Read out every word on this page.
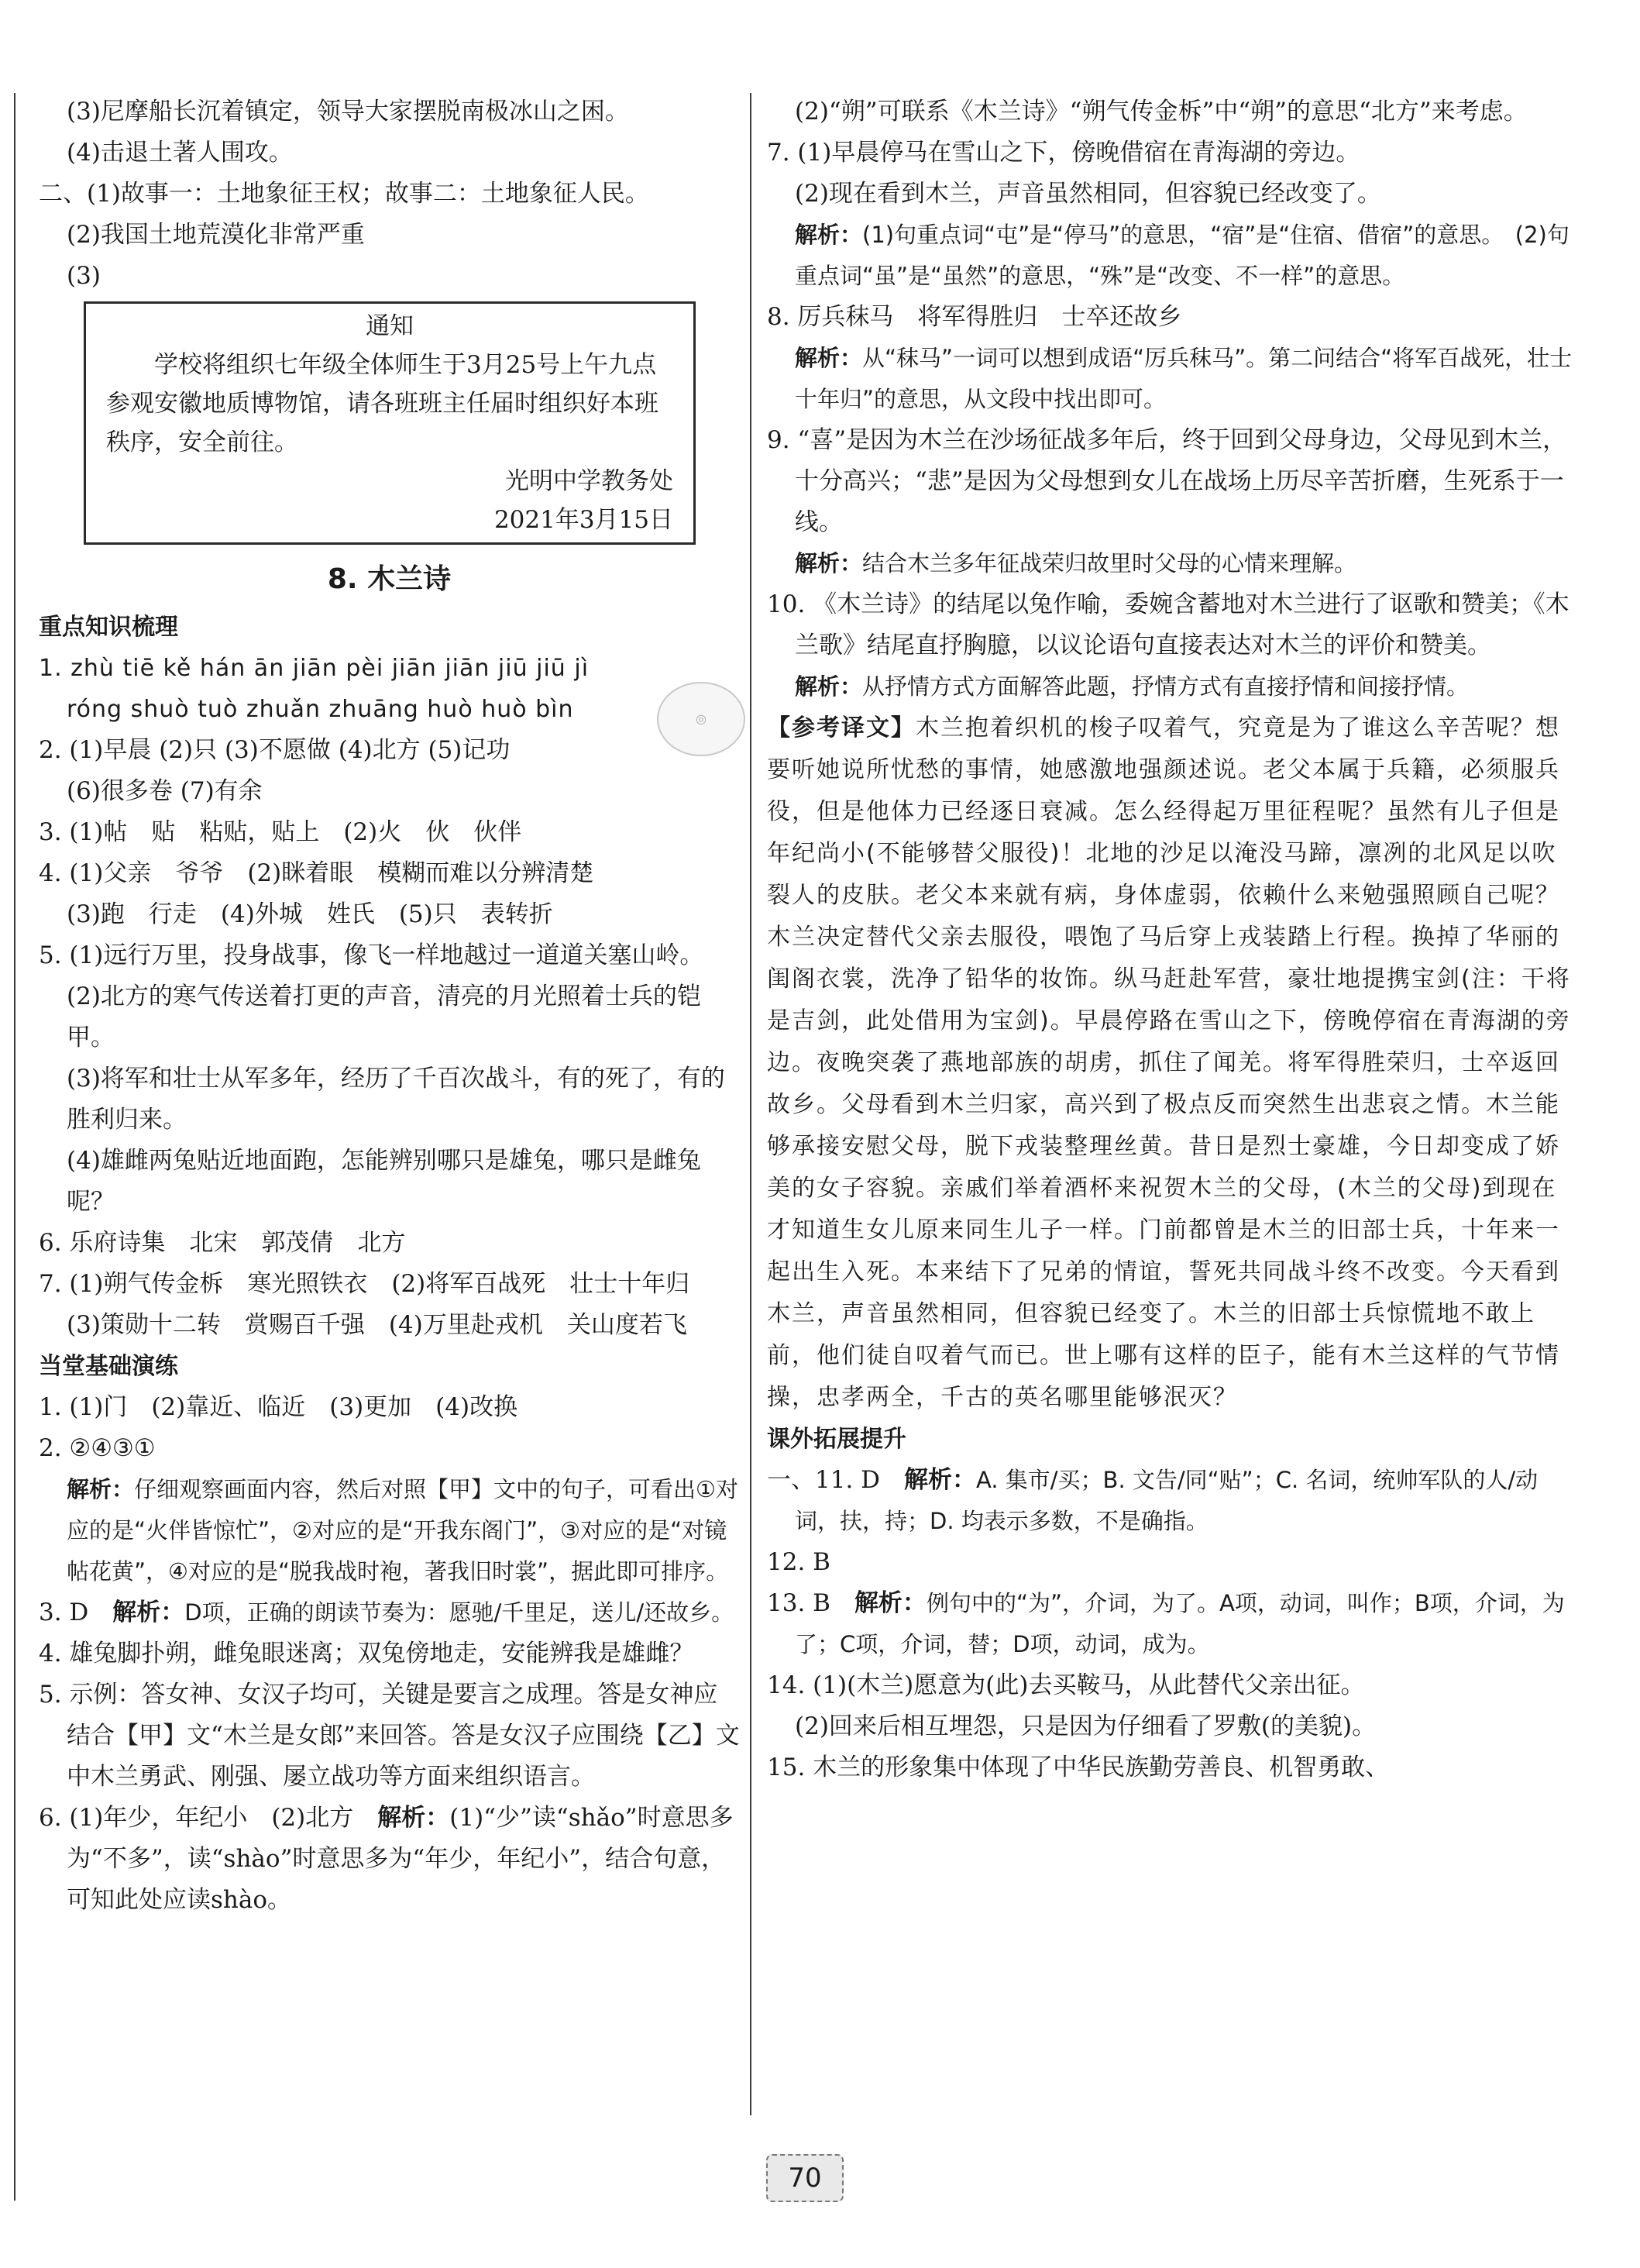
(3)尼摩船长沉着镇定，领导大家摆脱南极冰山之困。

(4)击退土著人围攻。

二、(1)故事一：土地象征王权；故事二：土地象征人民。

(2)我国土地荒漠化非常严重

(3)

通知

学校将组织七年级全体师生于3月25号上午九点参观安徽地质博物馆，请各班班主任届时组织好本班秩序，安全前往。

光明中学教务处

2021年3月15日

8. 木兰诗

重点知识梳理

1. zhù tiē kě hán ān jiān pèi jiān jiān jiū jiū jì

róng shuò tuò zhuǎn zhuāng huò huò bìn

2. (1)早晨 (2)只 (3)不愿做 (4)北方 (5)记功

(6)很多卷 (7)有余

3. (1)帖　贴　粘贴，贴上　(2)火　伙　伙伴

4. (1)父亲　爷爷　(2)眯着眼　模糊而难以分辨清楚

(3)跑　行走　(4)外城　姓氏　(5)只　表转折

5. (1)远行万里，投身战事，像飞一样地越过一道道关塞山岭。

(2)北方的寒气传送着打更的声音，清亮的月光照着士兵的铠甲。

(3)将军和壮士从军多年，经历了千百次战斗，有的死了，有的胜利归来。

(4)雄雌两兔贴近地面跑，怎能辨别哪只是雄兔，哪只是雌兔呢？

6. 乐府诗集　北宋　郭茂倩　北方

7. (1)朔气传金柝　寒光照铁衣　(2)将军百战死　壮士十年归　(3)策勋十二转　赏赐百千强　(4)万里赴戎机　关山度若飞

当堂基础演练

1. (1)门　(2)靠近、临近　(3)更加　(4)改换

2. ②④③①

解析：仔细观察画面内容，然后对照【甲】文中的句子，可看出①对应的是“火伴皆惊忙”，②对应的是“开我东阁门”，③对应的是“对镜帖花黄”，④对应的是“脱我战时袍，著我旧时裳”，据此即可排序。

3. D　解析：D项，正确的朗读节奏为：愿驰/千里足，送儿/还故乡。

4. 雄兔脚扑朔，雌兔眼迷离；双兔傍地走，安能辨我是雄雌？

5. 示例：答女神、女汉子均可，关键是要言之成理。答是女神应结合【甲】文“木兰是女郎”来回答。答是女汉子应围绕【乙】文中木兰勇武、刚强、屡立战功等方面来组织语言。

6. (1)年少，年纪小　(2)北方　解析：(1)“少”读“shǎo”时意思多为“不多”，读“shào”时意思多为“年少，年纪小”，结合句意，可知此处应读shào。

◎

(2)“朔”可联系《木兰诗》“朔气传金柝”中“朔”的意思“北方”来考虑。

7. (1)早晨停马在雪山之下，傍晚借宿在青海湖的旁边。

(2)现在看到木兰，声音虽然相同，但容貌已经改变了。

解析：(1)句重点词“屯”是“停马”的意思，“宿”是“住宿、借宿”的意思。　(2)句重点词“虽”是“虽然”的意思，“殊”是“改变、不一样”的意思。

8. 厉兵秣马　将军得胜归　士卒还故乡

解析：从“秣马”一词可以想到成语“厉兵秣马”。第二问结合“将军百战死，壮士十年归”的意思，从文段中找出即可。

9. “喜”是因为木兰在沙场征战多年后，终于回到父母身边，父母见到木兰，十分高兴；“悲”是因为父母想到女儿在战场上历尽辛苦折磨，生死系于一线。

解析：结合木兰多年征战荣归故里时父母的心情来理解。

10. 《木兰诗》的结尾以兔作喻，委婉含蓄地对木兰进行了讴歌和赞美；《木兰歌》结尾直抒胸臆，以议论语句直接表达对木兰的评价和赞美。

解析：从抒情方式方面解答此题，抒情方式有直接抒情和间接抒情。

【参考译文】木兰抱着织机的梭子叹着气，究竟是为了谁这么辛苦呢？想要听她说所忧愁的事情，她感激地强颜述说。老父本属于兵籍，必须服兵役，但是他体力已经逐日衰减。怎么经得起万里征程呢？虽然有儿子但是年纪尚小(不能够替父服役)！北地的沙足以淹没马蹄，凛冽的北风足以吹裂人的皮肤。老父本来就有病，身体虚弱，依赖什么来勉强照顾自己呢？木兰决定替代父亲去服役，喂饱了马后穿上戎装踏上行程。换掉了华丽的闺阁衣裳，洗净了铅华的妆饰。纵马赶赴军营，豪壮地提携宝剑(注：干将是吉剑，此处借用为宝剑)。早晨停路在雪山之下，傍晚停宿在青海湖的旁边。夜晚突袭了燕地部族的胡虏，抓住了闻羌。将军得胜荣归，士卒返回故乡。父母看到木兰归家，高兴到了极点反而突然生出悲哀之情。木兰能够承接安慰父母，脱下戎装整理丝黄。昔日是烈士豪雄，今日却变成了娇美的女子容貌。亲戚们举着酒杯来祝贺木兰的父母，(木兰的父母)到现在才知道生女儿原来同生儿子一样。门前都曾是木兰的旧部士兵，十年来一起出生入死。本来结下了兄弟的情谊，誓死共同战斗终不改变。今天看到木兰，声音虽然相同，但容貌已经变了。木兰的旧部士兵惊慌地不敢上前，他们徒自叹着气而已。世上哪有这样的臣子，能有木兰这样的气节情操，忠孝两全，千古的英名哪里能够泯灭？

课外拓展提升

一、11. D　解析：A. 集市/买；B. 文告/同“贴”；C. 名词，统帅军队的人/动词，扶，持；D. 均表示多数，不是确指。

12. B

13. B　解析：例句中的“为”，介词，为了。A项，动词，叫作；B项，介词，为了；C项，介词，替；D项，动词，成为。

14. (1)(木兰)愿意为(此)去买鞍马，从此替代父亲出征。

(2)回来后相互埋怨，只是因为仔细看了罗敷(的美貌)。

15. 木兰的形象集中体现了中华民族勤劳善良、机智勇敢、

70
